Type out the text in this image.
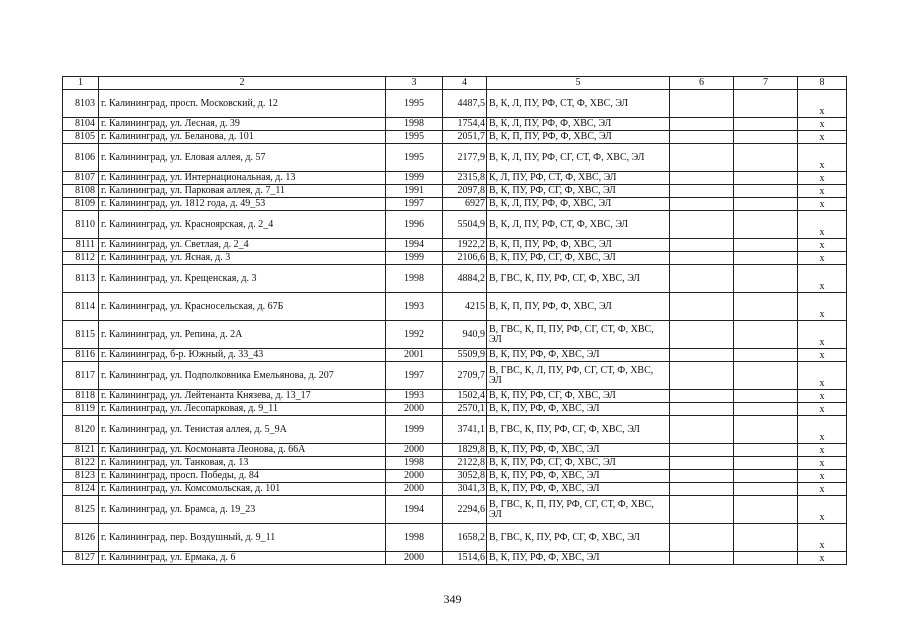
1	2	3	4	5	6	7	8
8103	г. Калининград, просп. Московский, д. 12	1995	4487,5	В, К, Л, ПУ, РФ, СТ, Ф, ХВС, ЭЛ			х
8104	г. Калининград, ул. Лесная, д. 39	1998	1754,4	В, К, Л, ПУ, РФ, Ф, ХВС, ЭЛ			х
8105	г. Калининград, ул. Беланова, д. 101	1995	2051,7	В, К, П, ПУ, РФ, Ф, ХВС, ЭЛ			х
8106	г. Калининград, ул. Еловая аллея, д. 57	1995	2177,9	В, К, Л, ПУ, РФ, СГ, СТ, Ф, ХВС, ЭЛ			х
8107	г. Калининград, ул. Интернациональная, д. 13	1999	2315,8	К, Л, ПУ, РФ, СТ, Ф, ХВС, ЭЛ			х
8108	г. Калининград, ул. Парковая аллея, д. 7_11	1991	2097,8	В, К, ПУ, РФ, СГ, Ф, ХВС, ЭЛ			х
8109	г. Калининград, ул. 1812 года, д. 49_53	1997	6927	В, К, Л, ПУ, РФ, Ф, ХВС, ЭЛ			х
8110	г. Калининград, ул. Красноярская, д. 2_4	1996	5504,9	В, К, Л, ПУ, РФ, СТ, Ф, ХВС, ЭЛ			х
8111	г. Калининград, ул. Светлая, д. 2_4	1994	1922,2	В, К, П, ПУ, РФ, Ф, ХВС, ЭЛ			х
8112	г. Калининград, ул. Ясная, д. 3	1999	2106,6	В, К, ПУ, РФ, СГ, Ф, ХВС, ЭЛ			х
8113	г. Калининград, ул. Крещенская, д. 3	1998	4884,2	В, ГВС, К, ПУ, РФ, СГ, Ф, ХВС, ЭЛ			х
8114	г. Калининград, ул. Красносельская, д. 67Б	1993	4215	В, К, П, ПУ, РФ, Ф, ХВС, ЭЛ			х
8115	г. Калининград, ул. Репина, д. 2А	1992	940,9	В, ГВС, К, П, ПУ, РФ, СГ, СТ, Ф, ХВС, ЭЛ			х
8116	г. Калининград, б-р. Южный, д. 33_43	2001	5509,9	В, К, ПУ, РФ, Ф, ХВС, ЭЛ			х
8117	г. Калининград, ул. Подполковника Емельянова, д. 207	1997	2709,7	В, ГВС, К, Л, ПУ, РФ, СГ, СТ, Ф, ХВС, ЭЛ			х
8118	г. Калининград, ул. Лейтенанта Князева, д. 13_17	1993	1502,4	В, К, ПУ, РФ, СГ, Ф, ХВС, ЭЛ			х
8119	г. Калининград, ул. Лесопарковая, д. 9_11	2000	2570,1	В, К, ПУ, РФ, Ф, ХВС, ЭЛ			х
8120	г. Калининград, ул. Тенистая аллея, д. 5_9А	1999	3741,1	В, ГВС, К, ПУ, РФ, СГ, Ф, ХВС, ЭЛ			х
8121	г. Калининград, ул. Космонавта Леонова, д. 66А	2000	1829,8	В, К, ПУ, РФ, Ф, ХВС, ЭЛ			х
8122	г. Калининград, ул. Танковая, д. 13	1998	2122,8	В, К, ПУ, РФ, СГ, Ф, ХВС, ЭЛ			х
8123	г. Калининград, просп. Победы, д. 84	2000	3052,8	В, К, ПУ, РФ, Ф, ХВС, ЭЛ			х
8124	г. Калининград, ул. Комсомольская, д. 101	2000	3041,3	В, К, ПУ, РФ, Ф, ХВС, ЭЛ			х
8125	г. Калининград, ул. Брамса, д. 19_23	1994	2294,6	В, ГВС, К, П, ПУ, РФ, СГ, СТ, Ф, ХВС, ЭЛ			х
8126	г. Калининград, пер. Воздушный, д. 9_11	1998	1658,2	В, ГВС, К, ПУ, РФ, СГ, Ф, ХВС, ЭЛ			х
8127	г. Калининград, ул. Ермака, д. 6	2000	1514,6	В, К, ПУ, РФ, Ф, ХВС, ЭЛ			х
349
